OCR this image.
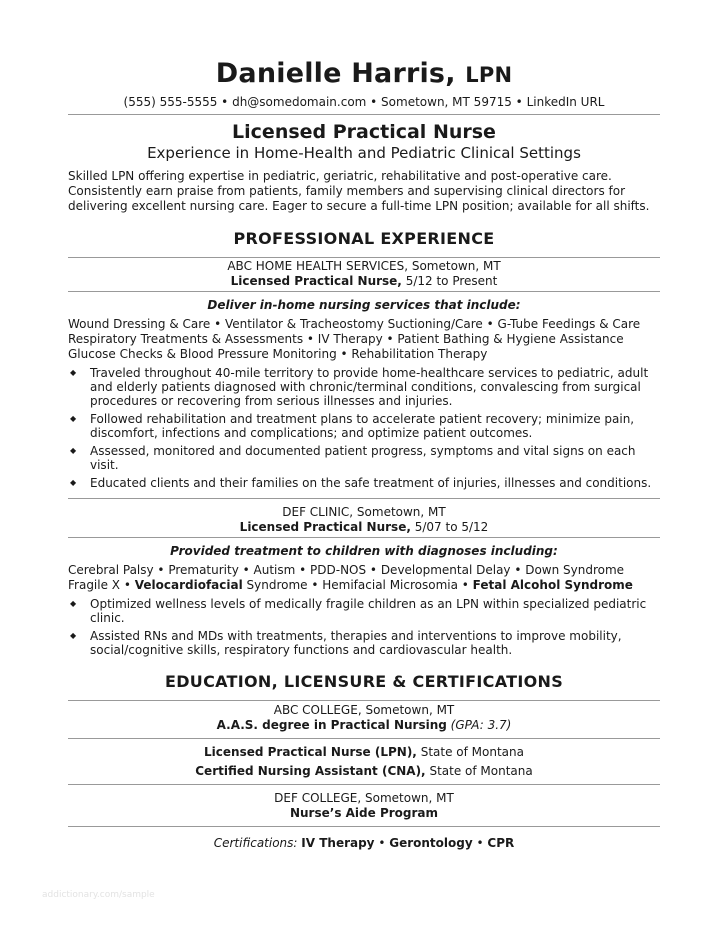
Danielle Harris, LPN
(555) 555-5555 • dh@somedomain.com • Sometown, MT 59715 • LinkedIn URL
Licensed Practical Nurse
Experience in Home-Health and Pediatric Clinical Settings
Skilled LPN offering expertise in pediatric, geriatric, rehabilitative and post-operative care. Consistently earn praise from patients, family members and supervising clinical directors for delivering excellent nursing care. Eager to secure a full-time LPN position; available for all shifts.
PROFESSIONAL EXPERIENCE
ABC HOME HEALTH SERVICES, Sometown, MT
Licensed Practical Nurse, 5/12 to Present
Deliver in-home nursing services that include:
Wound Dressing & Care • Ventilator & Tracheostomy Suctioning/Care • G-Tube Feedings & Care
Respiratory Treatments & Assessments • IV Therapy • Patient Bathing & Hygiene Assistance
Glucose Checks & Blood Pressure Monitoring • Rehabilitation Therapy
◆ Traveled throughout 40-mile territory to provide home-healthcare services to pediatric, adult and elderly patients diagnosed with chronic/terminal conditions, convalescing from surgical procedures or recovering from serious illnesses and injuries.
◆ Followed rehabilitation and treatment plans to accelerate patient recovery; minimize pain, discomfort, infections and complications; and optimize patient outcomes.
◆ Assessed, monitored and documented patient progress, symptoms and vital signs on each visit.
◆ Educated clients and their families on the safe treatment of injuries, illnesses and conditions.
DEF CLINIC, Sometown, MT
Licensed Practical Nurse, 5/07 to 5/12
Provided treatment to children with diagnoses including:
Cerebral Palsy • Prematurity • Autism • PDD-NOS • Developmental Delay • Down Syndrome
Fragile X • Velocardiofacial Syndrome • Hemifacial Microsomia • Fetal Alcohol Syndrome
◆ Optimized wellness levels of medically fragile children as an LPN within specialized pediatric clinic.
◆ Assisted RNs and MDs with treatments, therapies and interventions to improve mobility, social/cognitive skills, respiratory functions and cardiovascular health.
EDUCATION, LICENSURE & CERTIFICATIONS
ABC COLLEGE, Sometown, MT
A.A.S. degree in Practical Nursing (GPA: 3.7)
Licensed Practical Nurse (LPN), State of Montana
Certified Nursing Assistant (CNA), State of Montana
DEF COLLEGE, Sometown, MT
Nurse’s Aide Program
Certifications: IV Therapy • Gerontology • CPR
addictionary.com/sample
